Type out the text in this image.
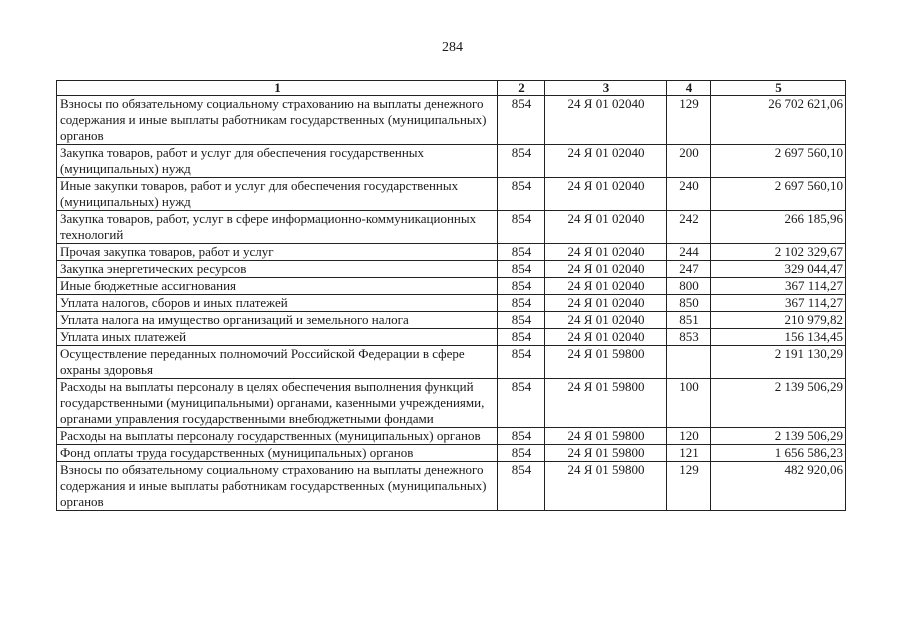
284
1	2	3	4	5
Взносы по обязательному социальному страхованию на выплаты денежного содержания и иные выплаты работникам государственных (муниципальных) органов	854	24 Я 01 02040	129	26 702 621,06
Закупка товаров, работ и услуг для обеспечения государственных (муниципальных) нужд	854	24 Я 01 02040	200	2 697 560,10
Иные закупки товаров, работ и услуг для обеспечения государственных (муниципальных) нужд	854	24 Я 01 02040	240	2 697 560,10
Закупка товаров, работ, услуг в сфере информационно-коммуникационных технологий	854	24 Я 01 02040	242	266 185,96
Прочая закупка товаров, работ и услуг	854	24 Я 01 02040	244	2 102 329,67
Закупка энергетических ресурсов	854	24 Я 01 02040	247	329 044,47
Иные бюджетные ассигнования	854	24 Я 01 02040	800	367 114,27
Уплата налогов, сборов и иных платежей	854	24 Я 01 02040	850	367 114,27
Уплата налога на имущество организаций и земельного налога	854	24 Я 01 02040	851	210 979,82
Уплата иных платежей	854	24 Я 01 02040	853	156 134,45
Осуществление переданных полномочий Российской Федерации в сфере охраны здоровья	854	24 Я 01 59800		2 191 130,29
Расходы на выплаты персоналу в целях обеспечения выполнения функций государственными (муниципальными) органами, казенными учреждениями, органами управления государственными внебюджетными фондами	854	24 Я 01 59800	100	2 139 506,29
Расходы на выплаты персоналу государственных (муниципальных) органов	854	24 Я 01 59800	120	2 139 506,29
Фонд оплаты труда государственных (муниципальных) органов	854	24 Я 01 59800	121	1 656 586,23
Взносы по обязательному социальному страхованию на выплаты денежного содержания и иные выплаты работникам государственных (муниципальных) органов	854	24 Я 01 59800	129	482 920,06
